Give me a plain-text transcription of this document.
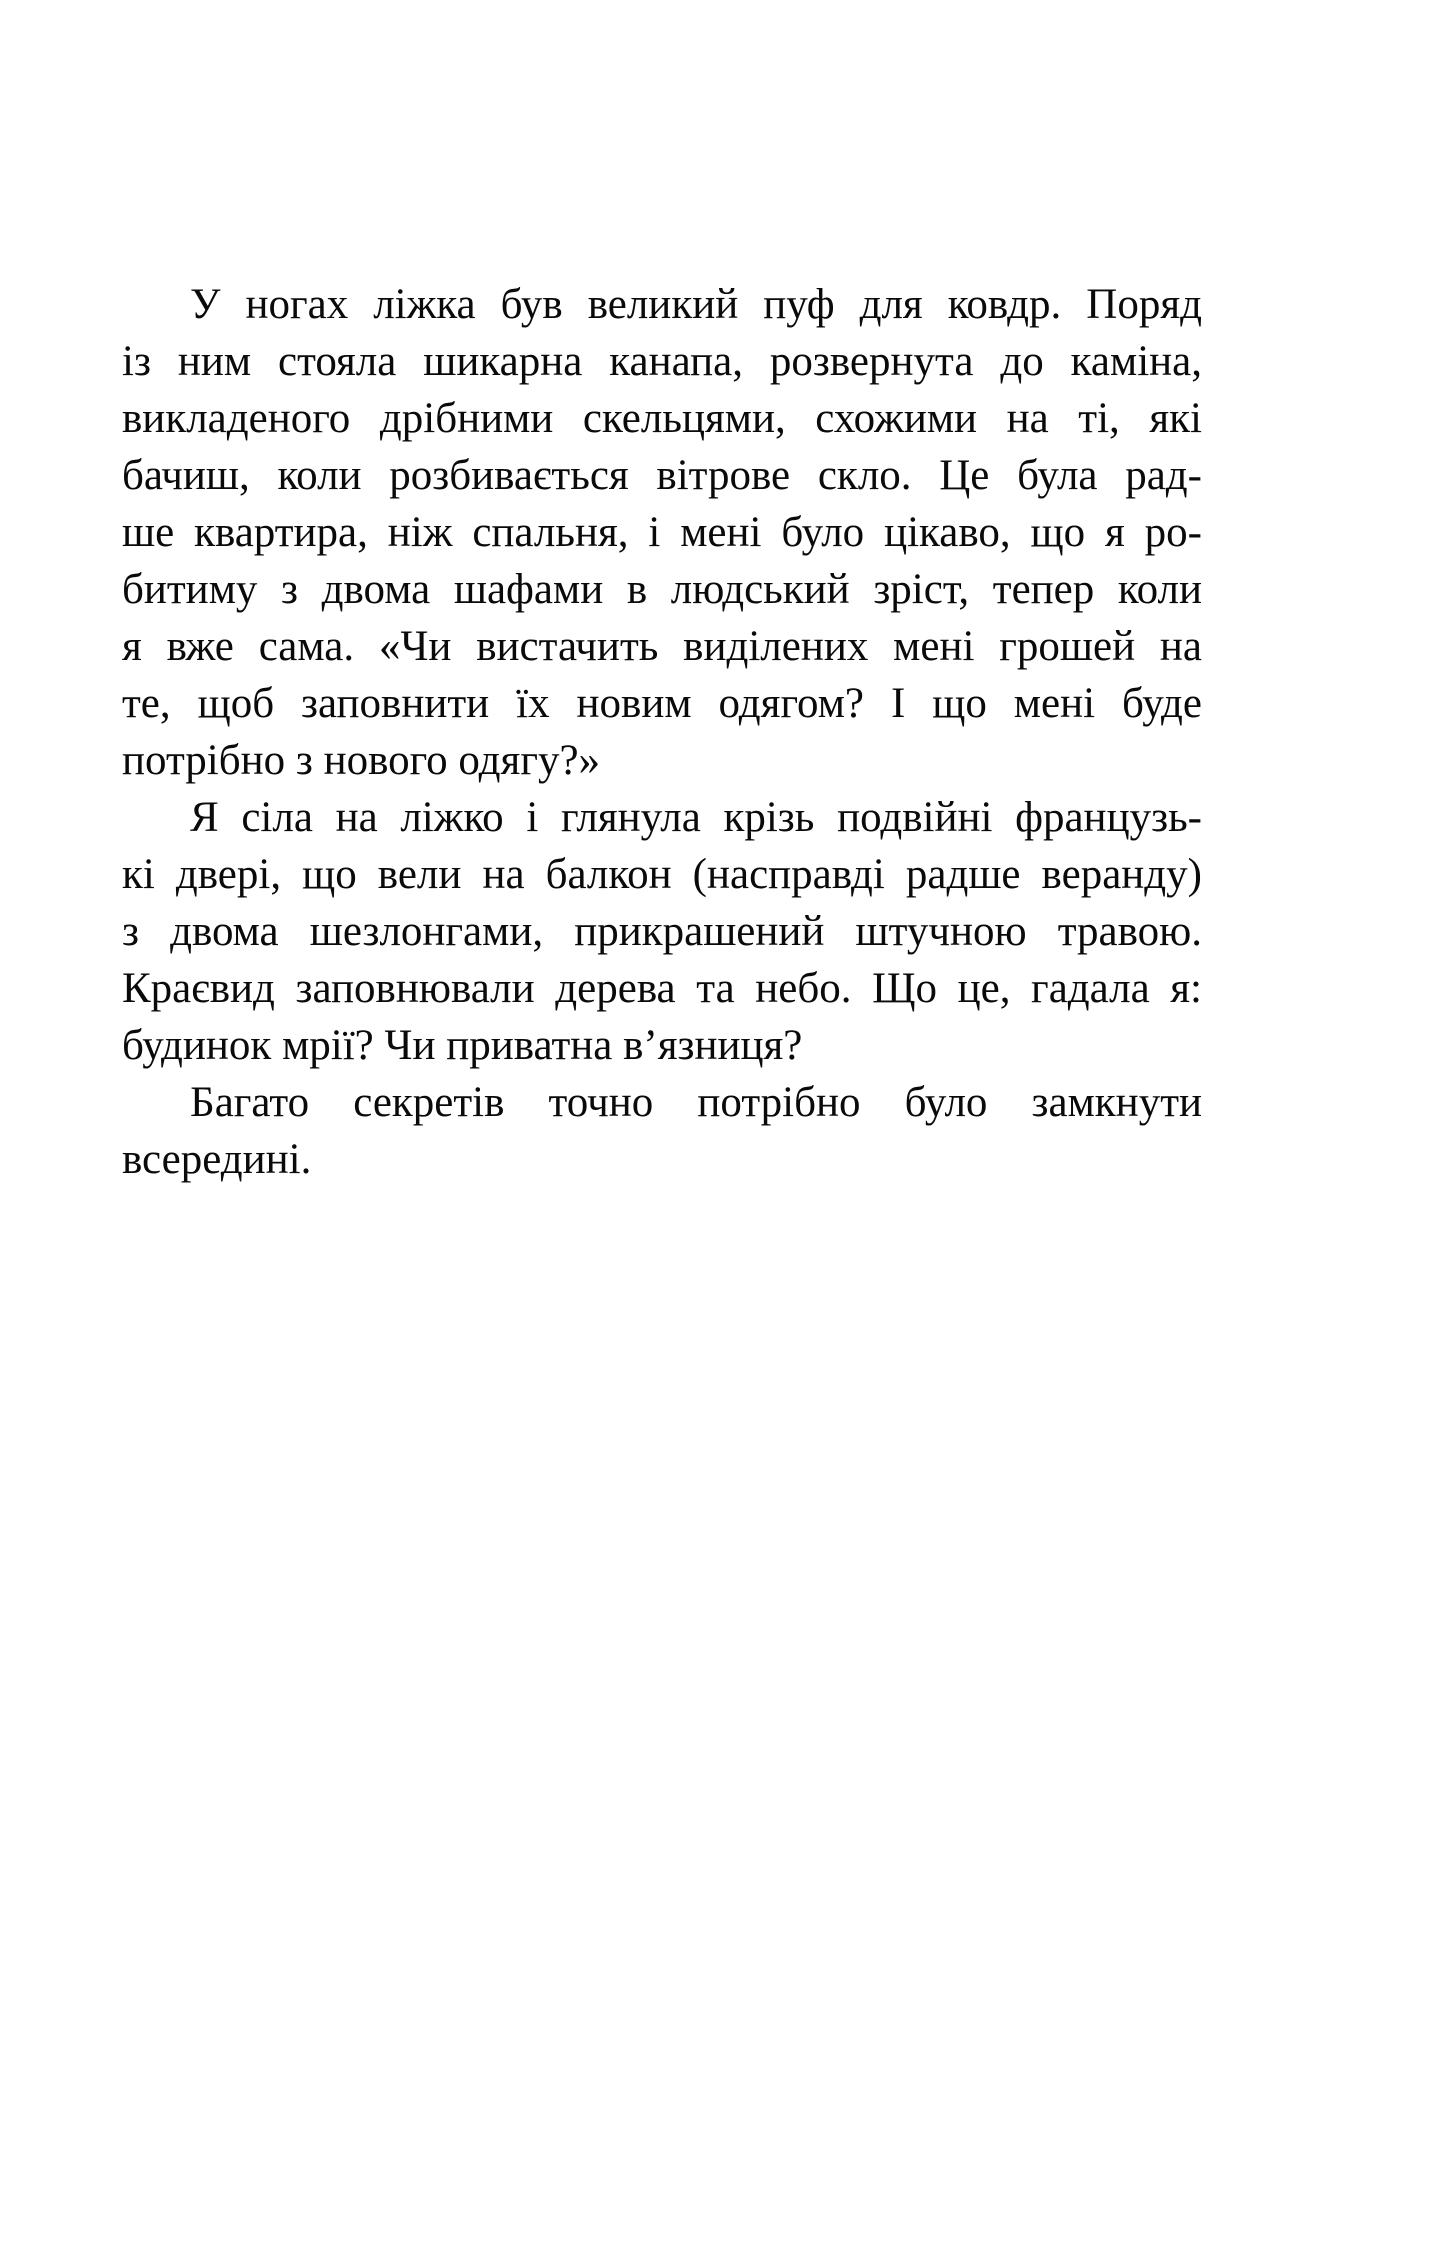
У ногах ліжка був великий пуф для ковдр. Поряд
із ним стояла шикарна канапа, розвернута до каміна,
викладеного дрібними скельцями, схожими на ті, які
бачиш, коли розбивається вітрове скло. Це була рад-
ше квартира, ніж спальня, і мені було цікаво, що я ро-
битиму з двома шафами в людський зріст, тепер коли
я вже сама. «Чи вистачить виділених мені грошей на
те, щоб заповнити їх новим одягом? І що мені буде
потрібно з нового одягу?»
Я сіла на ліжко і глянула крізь подвійні французь-
кі двері, що вели на балкон (насправді радше веранду)
з двома шезлонгами, прикрашений штучною травою.
Краєвид заповнювали дерева та небо. Що це, гадала я:
будинок мрії? Чи приватна в’язниця?
Багато секретів точно потрібно було замкнути
всередині.
